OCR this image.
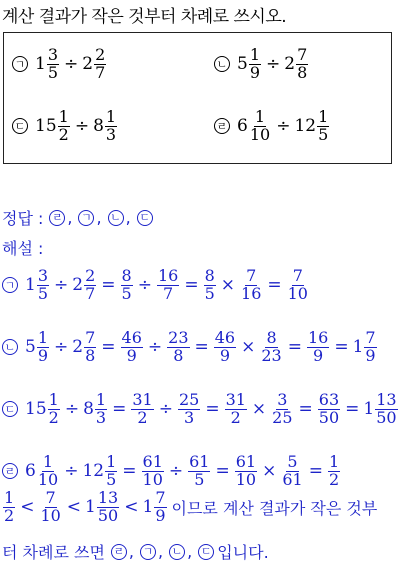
계산 결과가 작은 것부터 차례로 쓰시오.
ㄱ $1 \frac{3}{5} \div 2 \frac{2}{7}$	ㄴ $5 \frac{1}{9} \div 2 \frac{7}{8}$
ㄷ $15 \frac{1}{2} \div 8 \frac{1}{3}$	ㄹ $6 \frac{1}{10} \div 12 \frac{1}{5}$
정답 : ㄹ , ㄱ , ㄴ , ㄷ
해설 :
ㄱ $1 \frac{3}{5} \div 2 \frac{2}{7} = \frac{8}{5} \div \frac{16}{7} = \frac{8}{5} \times \frac{7}{16} = \frac{7}{10}$
ㄴ $5 \frac{1}{9} \div 2 \frac{7}{8} = \frac{46}{9} \div \frac{23}{8} = \frac{46}{9} \times \frac{8}{23} = \frac{16}{9} = 1 \frac{7}{9}$
ㄷ $15 \frac{1}{2} \div 8 \frac{1}{3} = \frac{31}{2} \div \frac{25}{3} = \frac{31}{2} \times \frac{3}{25} = \frac{63}{50} = 1 \frac{13}{50}$
ㄹ $6 \frac{1}{10} \div 12 \frac{1}{5} = \frac{61}{10} \div \frac{61}{5} = \frac{61}{10} \times \frac{5}{61} = \frac{1}{2}$
$\frac{1}{2} < \frac{7}{10} < 1 \frac{13}{50} < 1 \frac{7}{9}$ 이므로 계산 결과가 작은 것부
터 차례로 쓰면 ㄹ , ㄱ , ㄴ , ㄷ 입니다.
